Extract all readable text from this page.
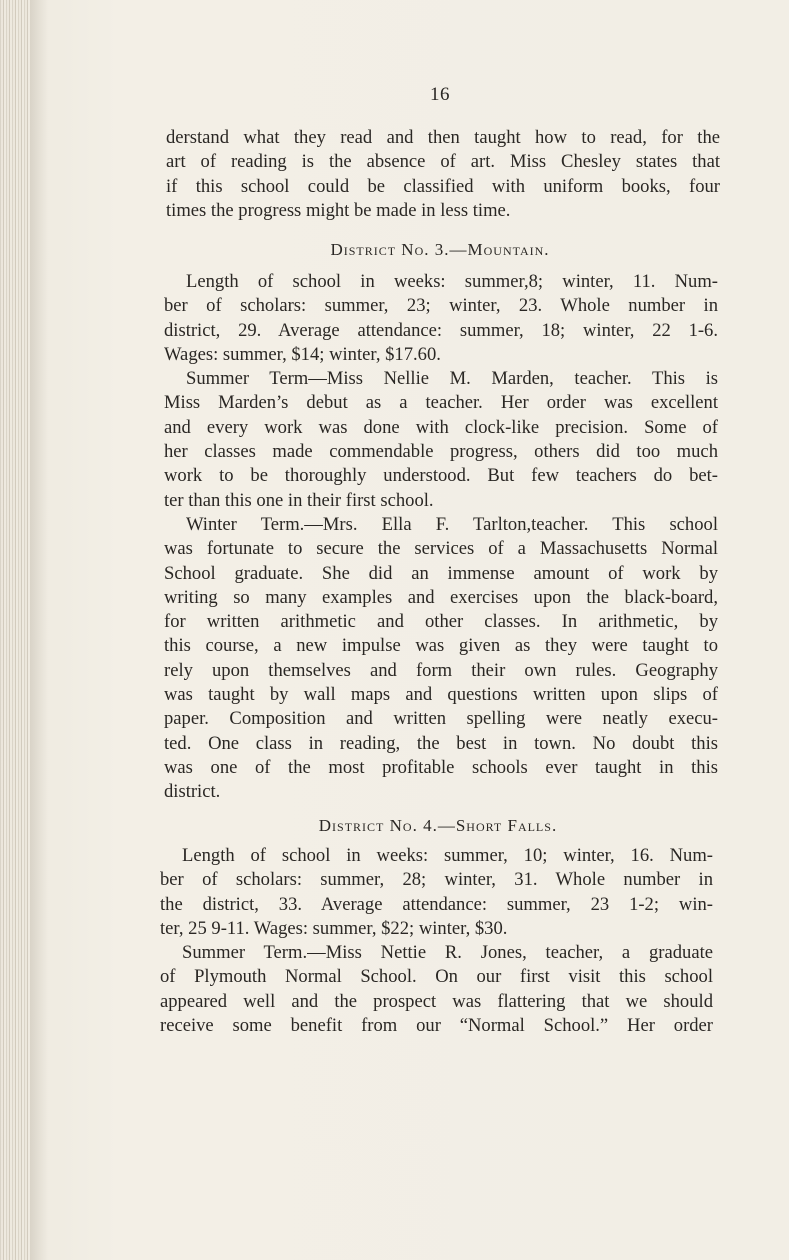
16
derstand what they read and then taught how to read, for the
art of reading is the absence of art. Miss Chesley states that
if this school could be classified with uniform books, four
times the progress might be made in less time.
District No. 3.—Mountain.
Length of school in weeks: summer,8; winter, 11. Num-
ber of scholars: summer, 23; winter, 23. Whole number in
district, 29. Average attendance: summer, 18; winter, 22 1-6.
Wages: summer, $14; winter, $17.60.
Summer Term—Miss Nellie M. Marden, teacher. This is
Miss Marden’s debut as a teacher. Her order was excellent
and every work was done with clock-like precision. Some of
her classes made commendable progress, others did too much
work to be thoroughly understood. But few teachers do bet-
ter than this one in their first school.
Winter Term.—Mrs. Ella F. Tarlton,teacher. This school
was fortunate to secure the services of a Massachusetts Normal
School graduate. She did an immense amount of work by
writing so many examples and exercises upon the black-board,
for written arithmetic and other classes. In arithmetic, by
this course, a new impulse was given as they were taught to
rely upon themselves and form their own rules. Geography
was taught by wall maps and questions written upon slips of
paper. Composition and written spelling were neatly execu-
ted. One class in reading, the best in town. No doubt this
was one of the most profitable schools ever taught in this
district.
District No. 4.—Short Falls.
Length of school in weeks: summer, 10; winter, 16. Num-
ber of scholars: summer, 28; winter, 31. Whole number in
the district, 33. Average attendance: summer, 23 1-2; win-
ter, 25 9-11. Wages: summer, $22; winter, $30.
Summer Term.—Miss Nettie R. Jones, teacher, a graduate
of Plymouth Normal School. On our first visit this school
appeared well and the prospect was flattering that we should
receive some benefit from our “Normal School.” Her order
